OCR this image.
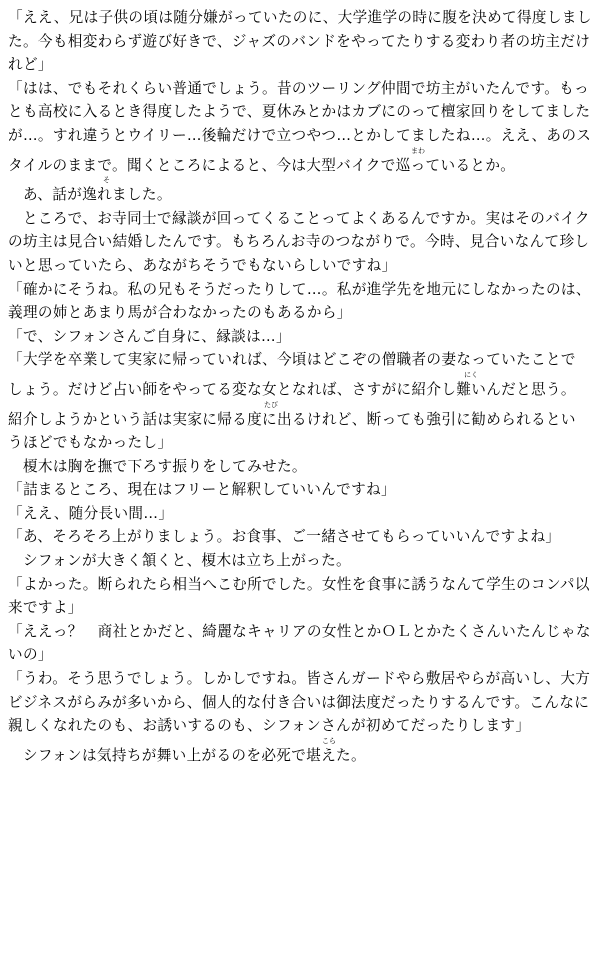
「ええ、兄は子供の頃は随分嫌がっていたのに、大学進学の時に腹を決めて得度しまし
た。今も相変わらず遊び好きで、ジャズのバンドをやってたりする変わり者の坊主だけ
れど」
「はは、でもそれくらい普通でしょう。昔のツーリング仲間で坊主がいたんです。もっ
とも高校に入るとき得度したようで、夏休みとかはカブにのって檀家回りをしてました
が…。すれ違うとウイリー…後輪だけで立つやつ…とかしてましたね…。ええ、あのス
まわ
タイルのままで。聞くところによると、今は大型バイクで巡っているとか。
そ
　あ、話が逸れました。
　ところで、お寺同士で縁談が回ってくることってよくあるんですか。実はそのバイク
の坊主は見合い結婚したんです。もちろんお寺のつながりで。今時、見合いなんて珍し
いと思っていたら、あながちそうでもないらしいですね」
「確かにそうね。私の兄もそうだったりして…。私が進学先を地元にしなかったのは、
義理の姉とあまり馬が合わなかったのもあるから」
「で、シフォンさんご自身に、縁談は…」
「大学を卒業して実家に帰っていれば、今頃はどこぞの僧職者の妻なっていたことで
にく
しょう。だけど占い師をやってる変な女となれば、さすがに紹介し難いんだと思う。
たび
紹介しようかという話は実家に帰る度に出るけれど、断っても強引に勧められるとい
うほどでもなかったし」
　榎木は胸を撫で下ろす振りをしてみせた。
「詰まるところ、現在はフリーと解釈していいんですね」
「ええ、随分長い間…」
「あ、そろそろ上がりましょう。お食事、ご一緒させてもらっていいんですよね」
　シフォンが大きく頷くと、榎木は立ち上がった。
「よかった。断られたら相当へこむ所でした。女性を食事に誘うなんて学生のコンパ以
来ですよ」
「ええっ？　商社とかだと、綺麗なキャリアの女性とかＯＬとかたくさんいたんじゃな
いの」
「うわ。そう思うでしょう。しかしですね。皆さんガードやら敷居やらが高いし、大方
ビジネスがらみが多いから、個人的な付き合いは御法度だったりするんです。こんなに
親しくなれたのも、お誘いするのも、シフォンさんが初めてだったりします」
こら
　シフォンは気持ちが舞い上がるのを必死で堪えた。
